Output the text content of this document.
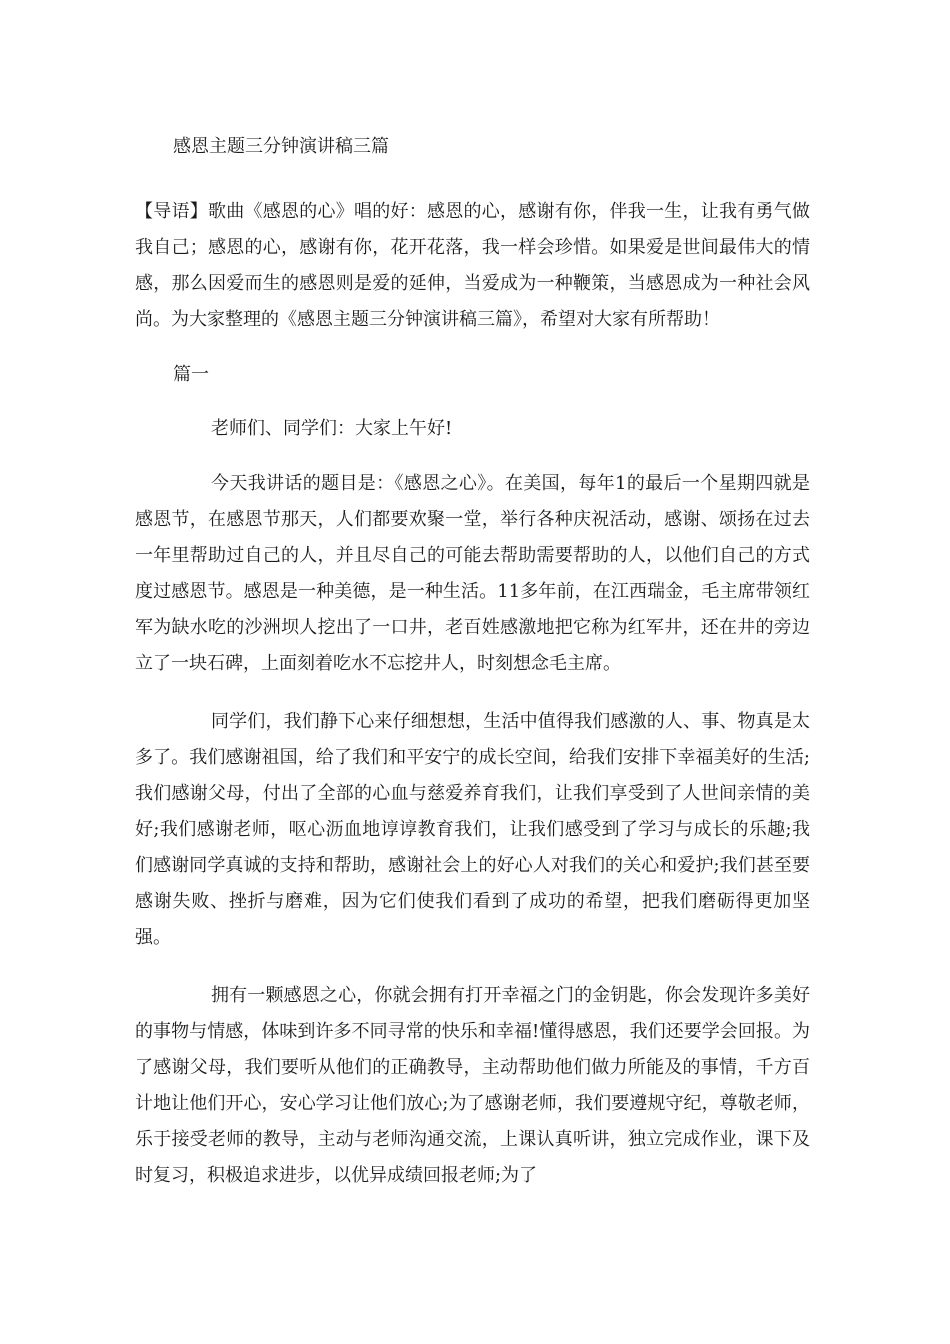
感恩主题三分钟演讲稿三篇

【导语】歌曲《感恩的心》唱的好：感恩的心，感谢有你，伴我一生，让我有勇气做我自己；感恩的心，感谢有你，花开花落，我一样会珍惜。如果爱是世间最伟大的情感，那么因爱而生的感恩则是爱的延伸，当爱成为一种鞭策，当感恩成为一种社会风尚。为大家整理的《感恩主题三分钟演讲稿三篇》，希望对大家有所帮助！

篇一
老师们、同学们：大家上午好!

今天我讲话的题目是：《感恩之心》。在美国，每年1的最后一个星期四就是感恩节，在感恩节那天，人们都要欢聚一堂，举行各种庆祝活动，感谢、颂扬在过去一年里帮助过自己的人，并且尽自己的可能去帮助需要帮助的人，以他们自己的方式度过感恩节。感恩是一种美德，是一种生活。11多年前，在江西瑞金，毛主席带领红军为缺水吃的沙洲坝人挖出了一口井，老百姓感激地把它称为红军井，还在井的旁边立了一块石碑，上面刻着吃水不忘挖井人，时刻想念毛主席。

同学们，我们静下心来仔细想想，生活中值得我们感激的人、事、物真是太多了。我们感谢祖国，给了我们和平安宁的成长空间，给我们安排下幸福美好的生活;我们感谢父母，付出了全部的心血与慈爱养育我们，让我们享受到了人世间亲情的美好;我们感谢老师，呕心沥血地谆谆教育我们，让我们感受到了学习与成长的乐趣;我们感谢同学真诚的支持和帮助，感谢社会上的好心人对我们的关心和爱护;我们甚至要感谢失败、挫折与磨难，因为它们使我们看到了成功的希望，把我们磨砺得更加坚强。

拥有一颗感恩之心，你就会拥有打开幸福之门的金钥匙，你会发现许多美好的事物与情感，体味到许多不同寻常的快乐和幸福!懂得感恩，我们还要学会回报。为了感谢父母，我们要听从他们的正确教导，主动帮助他们做力所能及的事情，千方百计地让他们开心，安心学习让他们放心;为了感谢老师，我们要遵规守纪，尊敬老师，乐于接受老师的教导，主动与老师沟通交流，上课认真听讲，独立完成作业，课下及时复习，积极追求进步，以优异成绩回报老师;为了
